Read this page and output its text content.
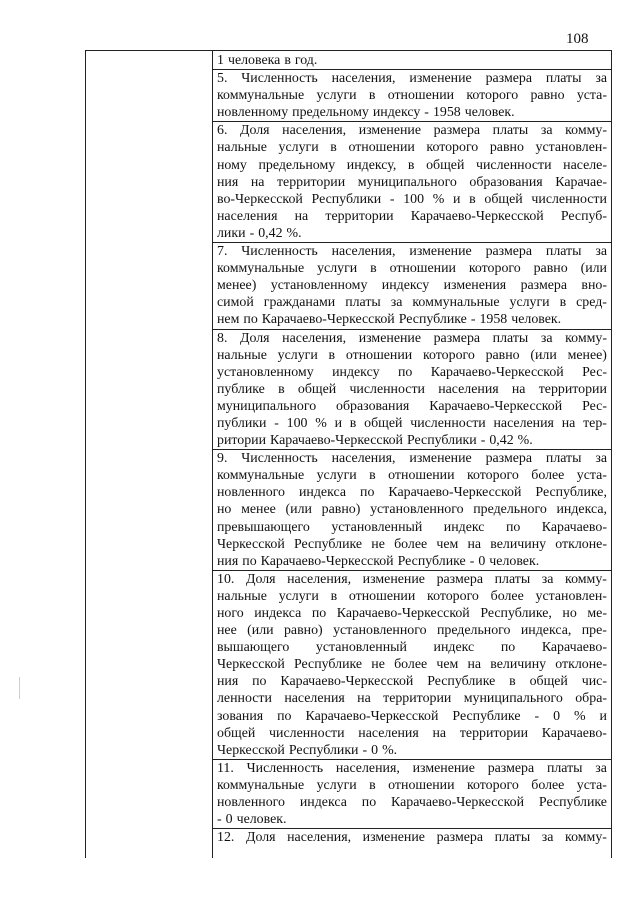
108
1 человека в год.
5. Численность населения, изменение размера платы за
коммунальные услуги в отношении которого равно уста-
новленному предельному индексу - 1958 человек.
6. Доля населения, изменение размера платы за комму-
нальные услуги в отношении которого равно установлен-
ному предельному индексу, в общей численности населе-
ния на территории муниципального образования Карачае-
во-Черкесской Республики - 100 % и в общей численности
населения на территории Карачаево-Черкесской Респуб-
лики - 0,42 %.
7. Численность населения, изменение размера платы за
коммунальные услуги в отношении которого равно (или
менее) установленному индексу изменения размера вно-
симой гражданами платы за коммунальные услуги в сред-
нем по Карачаево-Черкесской Республике - 1958 человек.
8. Доля населения, изменение размера платы за комму-
нальные услуги в отношении которого равно (или менее)
установленному индексу по Карачаево-Черкесской Рес-
публике в общей численности населения на территории
муниципального образования Карачаево-Черкесской Рес-
публики - 100 % и в общей численности населения на тер-
ритории Карачаево-Черкесской Республики - 0,42 %.
9. Численность населения, изменение размера платы за
коммунальные услуги в отношении которого более уста-
новленного индекса по Карачаево-Черкесской Республике,
но менее (или равно) установленного предельного индекса,
превышающего установленный индекс по Карачаево-
Черкесской Республике не более чем на величину отклоне-
ния по Карачаево-Черкесской Республике - 0 человек.
10. Доля населения, изменение размера платы за комму-
нальные услуги в отношении которого более установлен-
ного индекса по Карачаево-Черкесской Республике, но ме-
нее (или равно) установленного предельного индекса, пре-
вышающего установленный индекс по Карачаево-
Черкесской Республике не более чем на величину отклоне-
ния по Карачаево-Черкесской Республике в общей чис-
ленности населения на территории муниципального обра-
зования по Карачаево-Черкесской Республике - 0 % и
общей численности населения на территории Карачаево-
Черкесской Республики - 0 %.
11. Численность населения, изменение размера платы за
коммунальные услуги в отношении которого более уста-
новленного индекса по Карачаево-Черкесской Республике
- 0 человек.
12. Доля населения, изменение размера платы за комму-
